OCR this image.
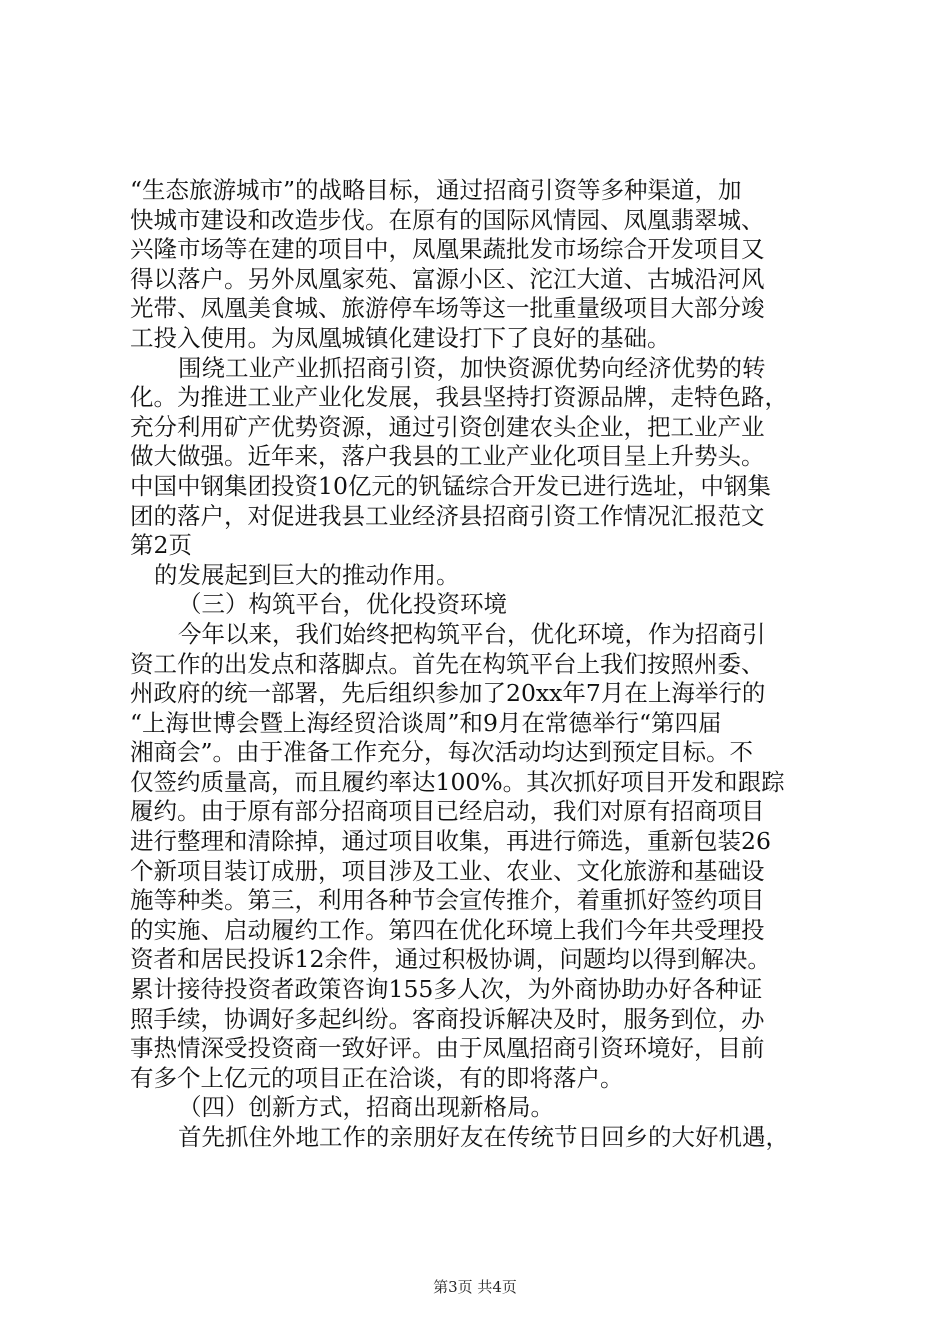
“生态旅游城市”的战略目标，通过招商引资等多种渠道，加
快城市建设和改造步伐。在原有的国际风情园、凤凰翡翠城、
兴隆市场等在建的项目中，凤凰果蔬批发市场综合开发项目又
得以落户。另外凤凰家苑、富源小区、沱江大道、古城沿河风
光带、凤凰美食城、旅游停车场等这一批重量级项目大部分竣
工投入使用。为凤凰城镇化建设打下了良好的基础。
围绕工业产业抓招商引资，加快资源优势向经济优势的转
化。为推进工业产业化发展，我县坚持打资源品牌，走特色路，
充分利用矿产优势资源，通过引资创建农头企业，把工业产业
做大做强。近年来，落户我县的工业产业化项目呈上升势头。
中国中钢集团投资10亿元的钒锰综合开发已进行选址，中钢集
团的落户，对促进我县工业经济县招商引资工作情况汇报范文
第2页
的发展起到巨大的推动作用。
（三）构筑平台，优化投资环境
今年以来，我们始终把构筑平台，优化环境，作为招商引
资工作的出发点和落脚点。首先在构筑平台上我们按照州委、
州政府的统一部署，先后组织参加了20xx年7月在上海举行的
“上海世博会暨上海经贸洽谈周”和9月在常德举行“第四届
湘商会”。由于准备工作充分，每次活动均达到预定目标。不
仅签约质量高，而且履约率达100%。其次抓好项目开发和跟踪
履约。由于原有部分招商项目已经启动，我们对原有招商项目
进行整理和清除掉，通过项目收集，再进行筛选，重新包装26
个新项目装订成册，项目涉及工业、农业、文化旅游和基础设
施等种类。第三，利用各种节会宣传推介，着重抓好签约项目
的实施、启动履约工作。第四在优化环境上我们今年共受理投
资者和居民投诉12余件，通过积极协调，问题均以得到解决。
累计接待投资者政策咨询155多人次，为外商协助办好各种证
照手续，协调好多起纠纷。客商投诉解决及时，服务到位，办
事热情深受投资商一致好评。由于凤凰招商引资环境好，目前
有多个上亿元的项目正在洽谈，有的即将落户。
（四）创新方式，招商出现新格局。
首先抓住外地工作的亲朋好友在传统节日回乡的大好机遇，
第3页 共4页
